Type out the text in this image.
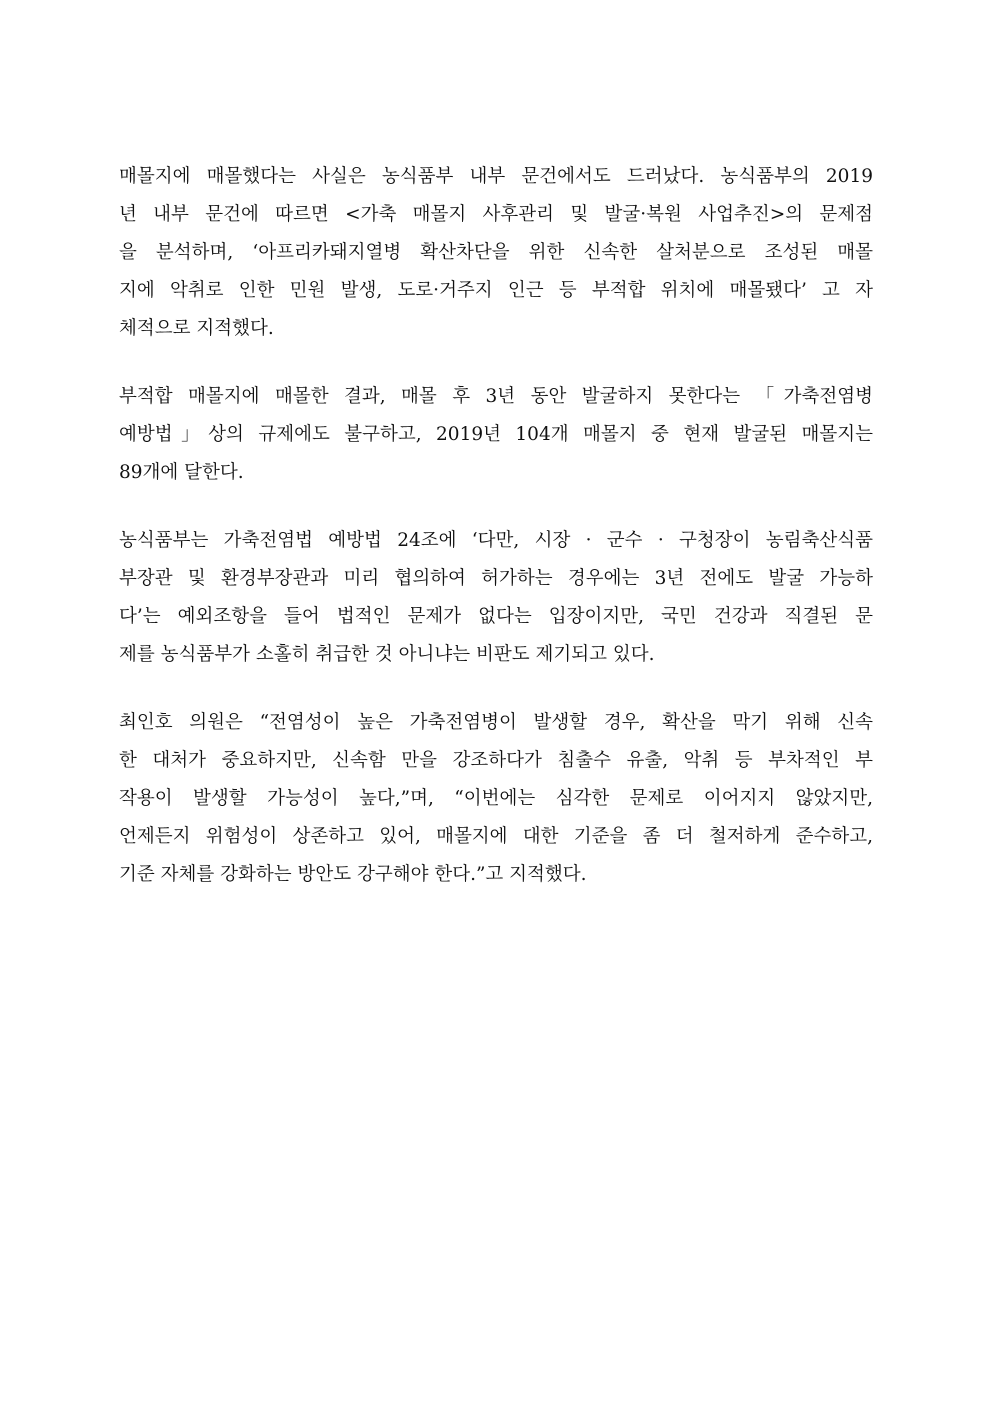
매몰지에 매몰했다는 사실은 농식품부 내부 문건에서도 드러났다. 농식품부의 2019
년 내부 문건에 따르면 <가축 매몰지 사후관리 및 발굴·복원 사업추진>의 문제점
을 분석하며, ‘아프리카돼지열병 확산차단을 위한 신속한 살처분으로 조성된 매몰
지에 악취로 인한 민원 발생, 도로·거주지 인근 등 부적합 위치에 매몰됐다’ 고 자
체적으로 지적했다.
부적합 매몰지에 매몰한 결과, 매몰 후 3년 동안 발굴하지 못한다는 「가축전염병
예방법」상의 규제에도 불구하고, 2019년 104개 매몰지 중 현재 발굴된 매몰지는
89개에 달한다.
농식품부는 가축전염법 예방법 24조에 ‘다만, 시장 · 군수 · 구청장이 농림축산식품
부장관 및 환경부장관과 미리 협의하여 허가하는 경우에는 3년 전에도 발굴 가능하
다’는 예외조항을 들어 법적인 문제가 없다는 입장이지만, 국민 건강과 직결된 문
제를 농식품부가 소홀히 취급한 것 아니냐는 비판도 제기되고 있다.
최인호 의원은 “전염성이 높은 가축전염병이 발생할 경우, 확산을 막기 위해 신속
한 대처가 중요하지만, 신속함 만을 강조하다가 침출수 유출, 악취 등 부차적인 부
작용이 발생할 가능성이 높다,”며, “이번에는 심각한 문제로 이어지지 않았지만,
언제든지 위험성이 상존하고 있어, 매몰지에 대한 기준을 좀 더 철저하게 준수하고,
기준 자체를 강화하는 방안도 강구해야 한다.”고 지적했다.
